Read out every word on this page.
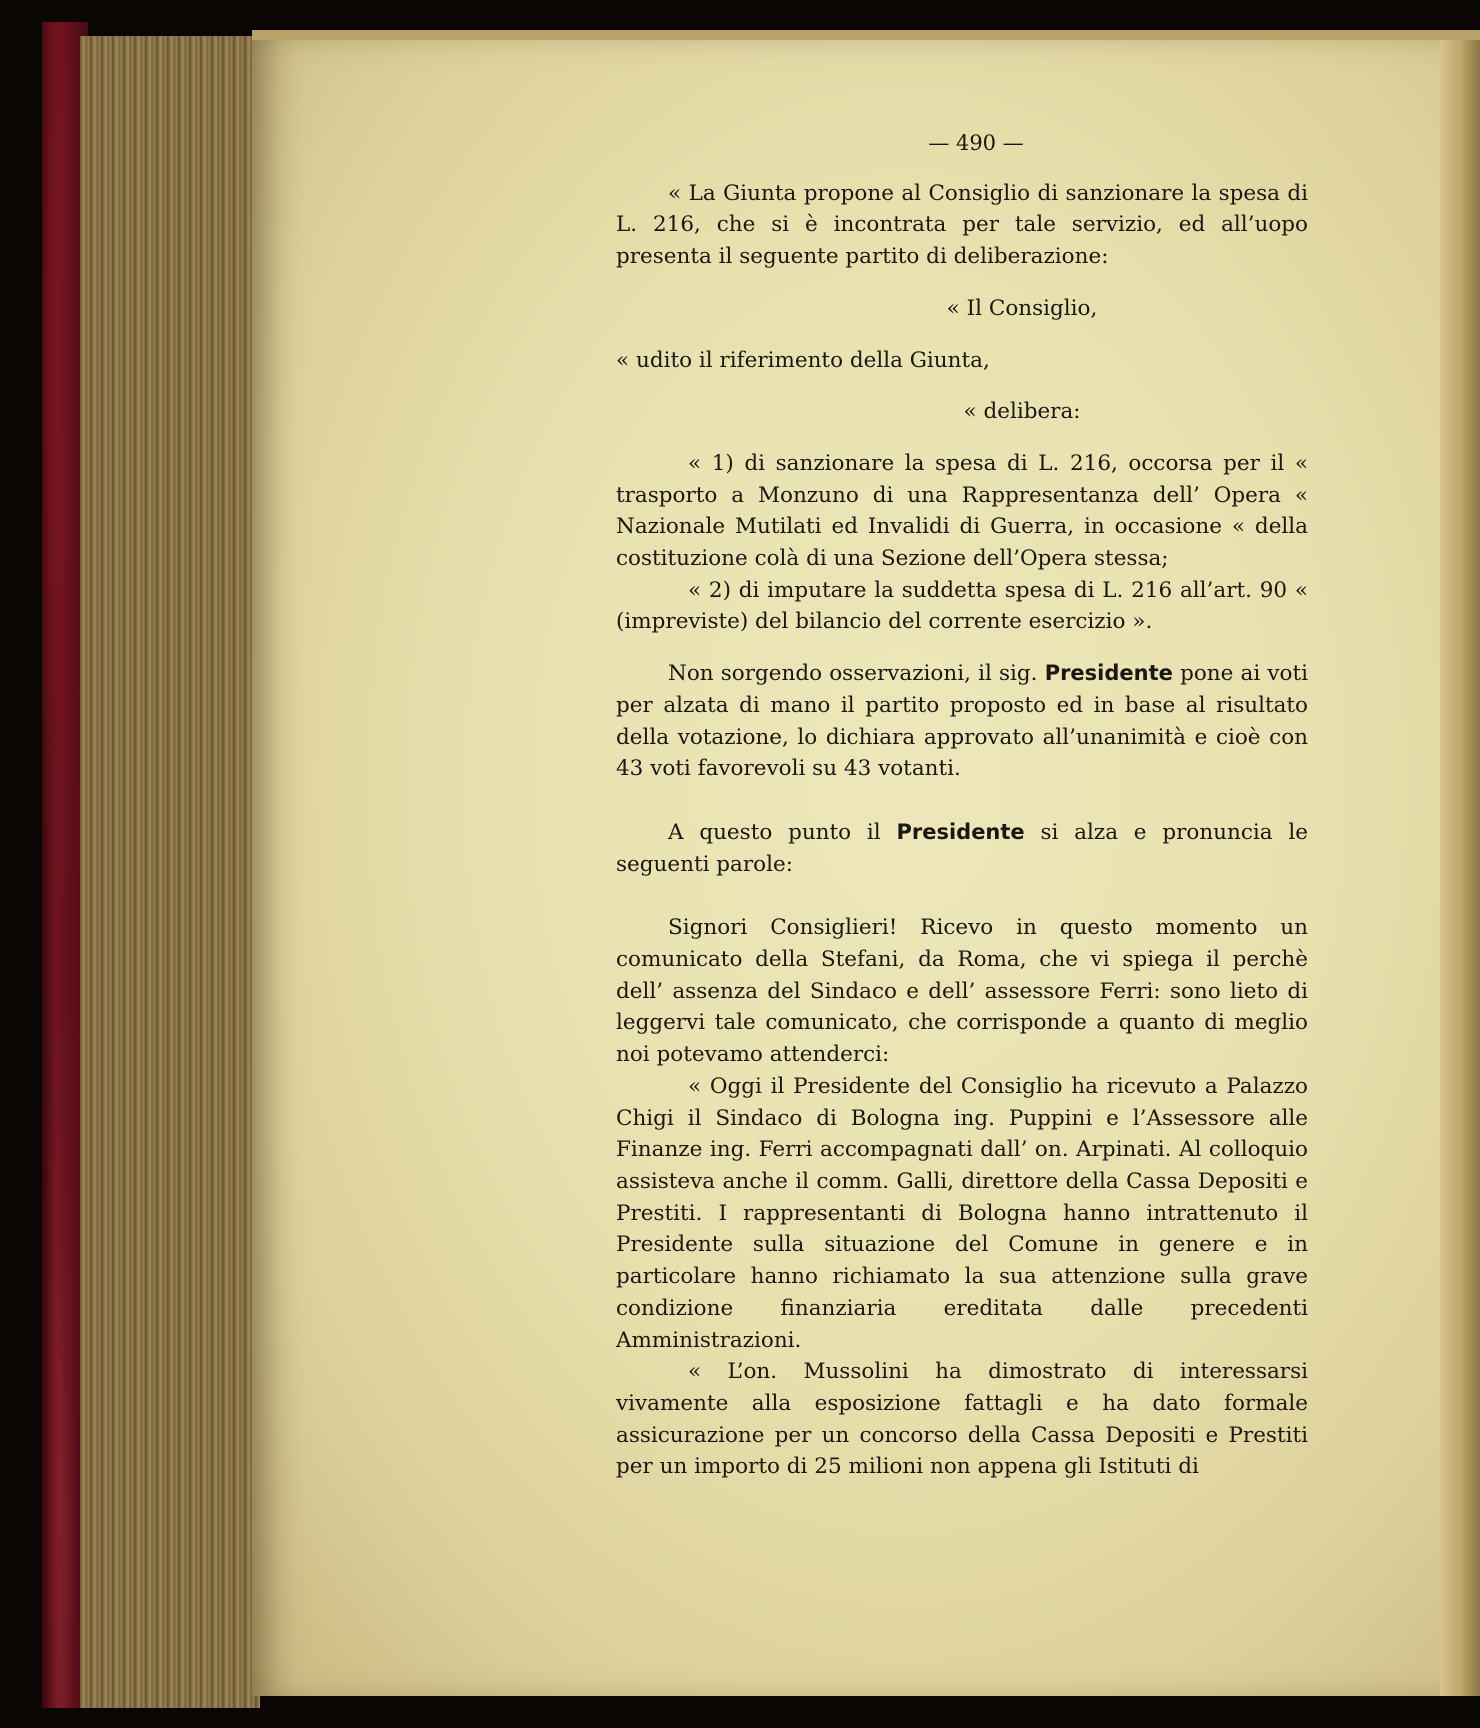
— 490 —

« La Giunta propone al Consiglio di sanzionare la spesa di L. 216, che si è incontrata per tale servizio, ed all’uopo presenta il seguente partito di deliberazione:

« Il Consiglio,

« udito il riferimento della Giunta,

« delibera:

« 1) di sanzionare la spesa di L. 216, occorsa per il « trasporto a Monzuno di una Rappresentanza dell’ Opera « Nazionale Mutilati ed Invalidi di Guerra, in occasione « della costituzione colà di una Sezione dell’Opera stessa;

« 2) di imputare la suddetta spesa di L. 216 all’art. 90 « (impreviste) del bilancio del corrente esercizio ».

Non sorgendo osservazioni, il sig. Presidente pone ai voti per alzata di mano il partito proposto ed in base al risultato della votazione, lo dichiara approvato all’unanimità e cioè con 43 voti favorevoli su 43 votanti.

A questo punto il Presidente si alza e pronuncia le seguenti parole:

Signori Consiglieri! Ricevo in questo momento un comunicato della Stefani, da Roma, che vi spiega il perchè dell’ assenza del Sindaco e dell’ assessore Ferri: sono lieto di leggervi tale comunicato, che corrisponde a quanto di meglio noi potevamo attenderci:

« Oggi il Presidente del Consiglio ha ricevuto a Palazzo Chigi il Sindaco di Bologna ing. Puppini e l’Assessore alle Finanze ing. Ferri accompagnati dall’ on. Arpinati. Al colloquio assisteva anche il comm. Galli, direttore della Cassa Depositi e Prestiti. I rappresentanti di Bologna hanno intrattenuto il Presidente sulla situazione del Comune in genere e in particolare hanno richiamato la sua attenzione sulla grave condizione finanziaria ereditata dalle precedenti Amministrazioni.

« L’on. Mussolini ha dimostrato di interessarsi vivamente alla esposizione fattagli e ha dato formale assicurazione per un concorso della Cassa Depositi e Prestiti per un importo di 25 milioni non appena gli Istituti di
